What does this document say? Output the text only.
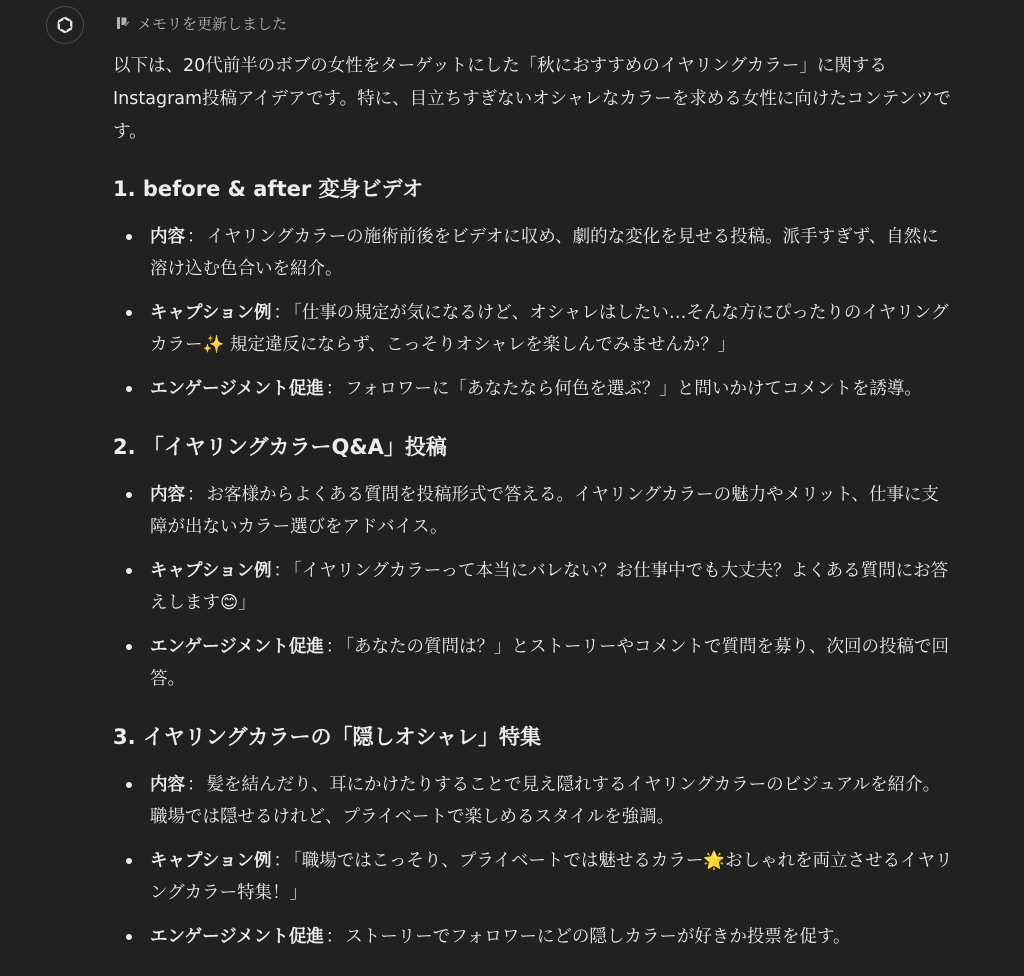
メモリを更新しました

以下は、20代前半のボブの女性をターゲットにした「秋におすすめのイヤリングカラー」に関するInstagram投稿アイデアです。特に、目立ちすぎないオシャレなカラーを求める女性に向けたコンテンツです。

1. before & after 変身ビデオ
内容 ： イヤリングカラーの施術前後をビデオに収め、劇的な変化を見せる投稿。派手すぎず、自然に溶け込む色合いを紹介。
キャプション例 ： 「仕事の規定が気になるけど、オシャレはしたい…そんな方にぴったりのイヤリングカラー✨ 規定違反にならず、こっそりオシャレを楽しんでみませんか？」
エンゲージメント促進 ： フォロワーに「あなたなら何色を選ぶ？」と問いかけてコメントを誘導。
2. 「イヤリングカラーQ&A」投稿
内容 ： お客様からよくある質問を投稿形式で答える。イヤリングカラーの魅力やメリット、仕事に支障が出ないカラー選びをアドバイス。
キャプション例 ： 「イヤリングカラーって本当にバレない？お仕事中でも大丈夫？よくある質問にお答えします😊」
エンゲージメント促進 ： 「あなたの質問は？」とストーリーやコメントで質問を募り、次回の投稿で回答。
3. イヤリングカラーの「隠しオシャレ」特集
内容 ： 髪を結んだり、耳にかけたりすることで見え隠れするイヤリングカラーのビジュアルを紹介。職場では隠せるけれど、プライベートで楽しめるスタイルを強調。
キャプション例 ： 「職場ではこっそり、プライベートでは魅せるカラー🌟おしゃれを両立させるイヤリングカラー特集！」
エンゲージメント促進 ： ストーリーでフォロワーにどの隠しカラーが好きか投票を促す。
